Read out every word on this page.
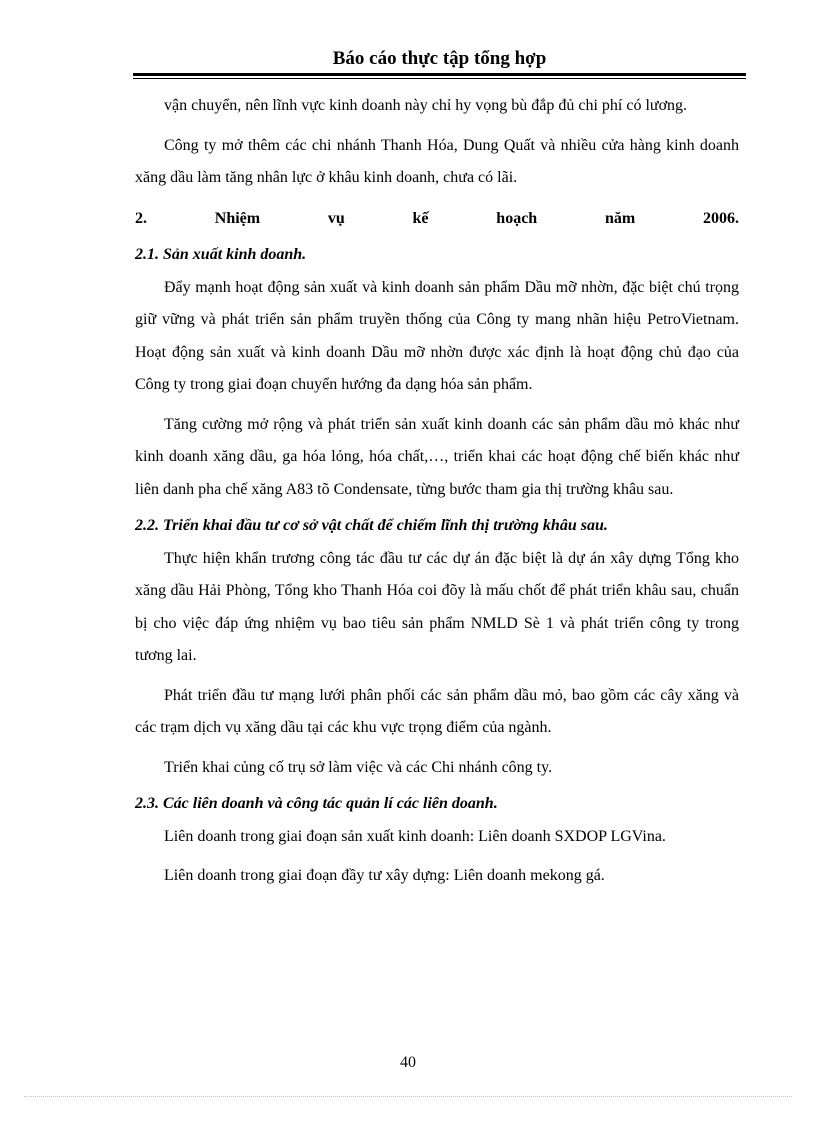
Báo cáo thực tập tổng hợp

vận chuyển, nên lĩnh vực kinh doanh này chỉ hy vọng bù đắp đủ chi phí có lương.

Công ty mở thêm các chi nhánh Thanh Hóa, Dung Quất và nhiều cửa hàng kinh doanh xăng dầu làm tăng nhân lực ở khâu kinh doanh, chưa có lãi.

2.	Nhiệm	vụ	kế	hoạch	năm	2006.

2.1. Sản xuất kinh doanh.

Đẩy mạnh hoạt động sản xuất và kinh doanh sản phẩm Dầu mỡ nhờn, đặc biệt chú trọng giữ vững và phát triển sản phẩm truyền thống của Công ty mang nhãn hiệu PetroVietnam. Hoạt động sản xuất và kinh doanh Dầu mỡ nhờn được xác định là hoạt động chủ đạo của Công ty trong giai đoạn chuyển hướng đa dạng hóa sản phẩm.

Tăng cường mở rộng và phát triển sản xuất kinh doanh các sản phẩm dầu mỏ khác như kinh doanh xăng dầu, ga hóa lỏng, hóa chất,…, triển khai các hoạt động chế biến khác như liên danh pha chế xăng A83 tõ Condensate, từng bước tham gia thị trường khâu sau.

2.2. Triển khai đầu tư cơ sở vật chất để chiếm lĩnh thị trường khâu sau.

Thực hiện khẩn trương công tác đầu tư các dự án đặc biệt là dự án xây dựng Tổng kho xăng dầu Hải Phòng, Tổng kho Thanh Hóa coi đõy là mấu chốt để phát triển khâu sau, chuẩn bị cho việc đáp ứng nhiệm vụ bao tiêu sản phẩm NMLD Sè 1 và phát triển công ty trong tương lai.

Phát triển đầu tư mạng lưới phân phối các sản phẩm dầu mỏ, bao gồm các cây xăng và các trạm dịch vụ xăng dầu tại các khu vực trọng điểm của ngành.

Triển khai củng cố trụ sở làm việc và các Chi nhánh công ty.

2.3. Các liên doanh và công tác quản lí các liên doanh.

Liên doanh trong giai đoạn sản xuất kinh doanh: Liên doanh SXDOP LGVina.

Liên doanh trong giai đoạn đầy tư xây dựng: Liên doanh mekong gá.

40
